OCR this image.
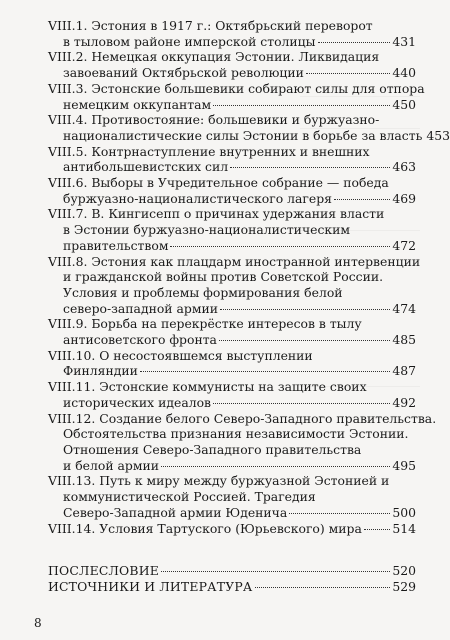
VIII.1. Эстония в 1917 г.: Октябрьский переворот
в тыловом районе имперской столицы	431
VIII.2. Немецкая оккупация Эстонии. Ликвидация
завоеваний Октябрьской революции	440
VIII.3. Эстонские большевики собирают силы для отпора
немецким оккупантам	450
VIII.4. Противостояние: большевики и буржуазно-
националистические силы Эстонии в борьбе за власть 453
VIII.5. Контрнаступление внутренних и внешних
антибольшевистских сил	463
VIII.6. Выборы в Учредительное собрание — победа
буржуазно-националистического лагеря	469
VIII.7. В. Кингисепп о причинах удержания власти
в Эстонии буржуазно-националистическим
правительством	472
VIII.8. Эстония как плацдарм иностранной интервенции
и гражданской войны против Советской России.
Условия и проблемы формирования белой
северо-западной армии	474
VIII.9. Борьба на перекрёстке интересов в тылу
антисоветского фронта	485
VIII.10. О несостоявшемся выступлении
Финляндии	487
VIII.11. Эстонские коммунисты на защите своих
исторических идеалов	492
VIII.12. Создание белого Северо-Западного правительства.
Обстоятельства признания независимости Эстонии.
Отношения Северо-Западного правительства
и белой армии	495
VIII.13. Путь к миру между буржуазной Эстонией и
коммунистической Россией. Трагедия
Северо-Западной армии Юденича	500
VIII.14. Условия Тартуского (Юрьевского) мира 514
ПОСЛЕСЛОВИЕ	520
ИСТОЧНИКИ И ЛИТЕРАТУРА	529
8
